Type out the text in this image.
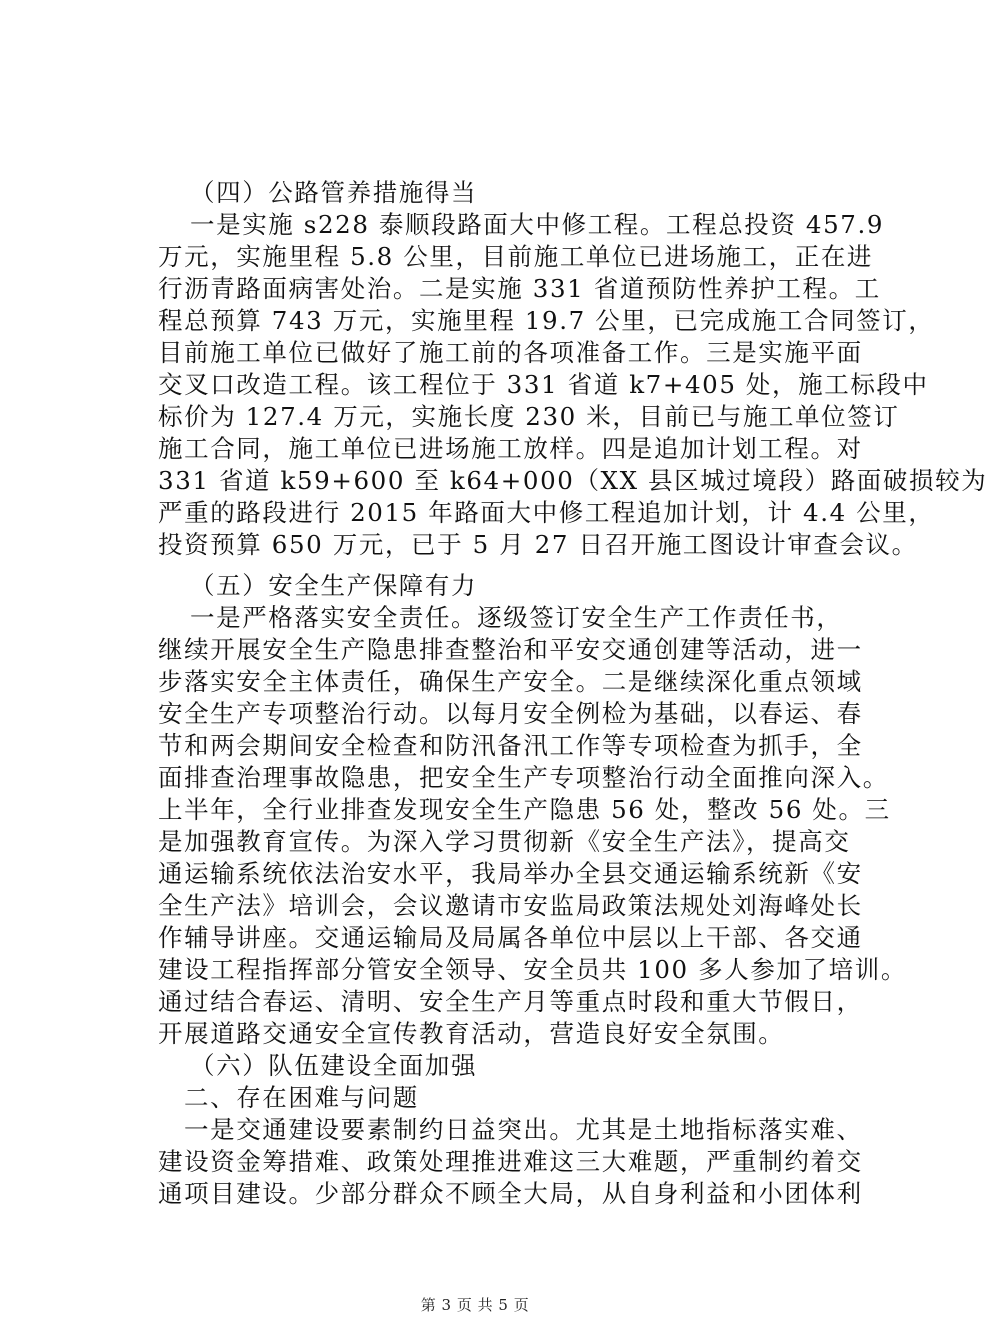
（四）公路管养措施得当

一是实施 s228 泰顺段路面大中修工程。工程总投资 457.9

万元，实施里程 5.8 公里，目前施工单位已进场施工，正在进

行沥青路面病害处治。二是实施 331 省道预防性养护工程。工

程总预算 743 万元，实施里程 19.7 公里，已完成施工合同签订，

目前施工单位已做好了施工前的各项准备工作。三是实施平面

交叉口改造工程。该工程位于 331 省道 k7+405 处，施工标段中

标价为 127.4 万元，实施长度 230 米，目前已与施工单位签订

施工合同，施工单位已进场施工放样。四是追加计划工程。对

331 省道 k59+600 至 k64+000（XX 县区城过境段）路面破损较为

严重的路段进行 2015 年路面大中修工程追加计划，计 4.4 公里，

投资预算 650 万元，已于 5 月 27 日召开施工图设计审查会议。

（五）安全生产保障有力

一是严格落实安全责任。逐级签订安全生产工作责任书，

继续开展安全生产隐患排查整治和平安交通创建等活动，进一

步落实安全主体责任，确保生产安全。二是继续深化重点领域

安全生产专项整治行动。以每月安全例检为基础，以春运、春

节和两会期间安全检查和防汛备汛工作等专项检查为抓手，全

面排查治理事故隐患，把安全生产专项整治行动全面推向深入。

上半年，全行业排查发现安全生产隐患 56 处，整改 56 处。三

是加强教育宣传。为深入学习贯彻新《安全生产法》，提高交

通运输系统依法治安水平，我局举办全县交通运输系统新《安

全生产法》培训会，会议邀请市安监局政策法规处刘海峰处长

作辅导讲座。交通运输局及局属各单位中层以上干部、各交通

建设工程指挥部分管安全领导、安全员共 100 多人参加了培训。

通过结合春运、清明、安全生产月等重点时段和重大节假日，

开展道路交通安全宣传教育活动，营造良好安全氛围。

（六）队伍建设全面加强

二、存在困难与问题

一是交通建设要素制约日益突出。尤其是土地指标落实难、

建设资金筹措难、政策处理推进难这三大难题，严重制约着交

通项目建设。少部分群众不顾全大局，从自身利益和小团体利

第 3 页 共 5 页
